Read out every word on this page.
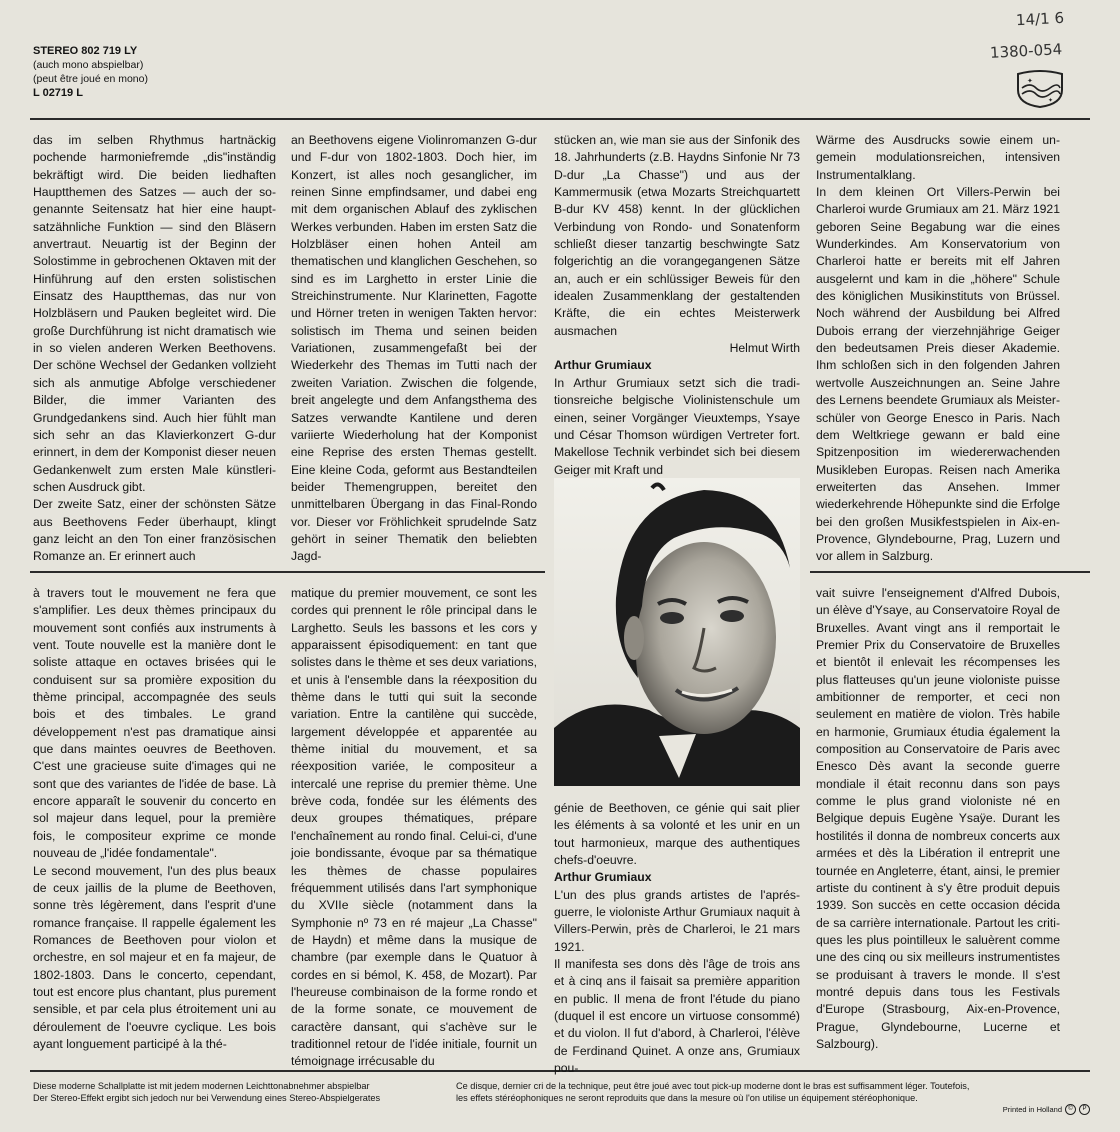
STEREO 802 719 LY
(auch mono abspielbar)
(peut être joué en mono)
L 02719 L
14/1 6
1380-054
✦
✦

das im selben Rhythmus hartnäckig pochende harmoniefremde „dis"inständig bekräftigt wird. Die beiden liedhaften Hauptthemen des Satzes — auch der sogenannte Seitensatz hat hier eine hauptsatzähnliche Funktion — sind den Bläsern anvertraut. Neuartig ist der Beginn der Solostimme in gebrochenen Oktaven mit der Hinführung auf den ersten solistischen Einsatz des Hauptthemas, das nur von Holzbläsern und Pauken begleitet wird. Die große Durchführung ist nicht dramatisch wie in so vielen anderen Werken Beethovens. Der schöne Wechsel der Gedanken vollzieht sich als anmutige Abfolge verschiedener Bilder, die immer Varianten des Grundgedankens sind. Auch hier fühlt man sich sehr an das Klavierkonzert G-dur erinnert, in dem der Komponist dieser neuen Gedankenwelt zum ersten Male künstlerischen Ausdruck gibt.

Der zweite Satz, einer der schönsten Sätze aus Beethovens Feder überhaupt, klingt ganz leicht an den Ton einer französischen Romanze an. Er erinnert auch

an Beethovens eigene Violinromanzen G-dur und F-dur von 1802-1803. Doch hier, im Konzert, ist alles noch gesanglicher, im reinen Sinne empfindsamer, und dabei eng mit dem organischen Ablauf des zyklischen Werkes verbunden. Haben im ersten Satz die Holzbläser einen hohen Anteil am thematischen und klanglichen Geschehen, so sind es im Larghetto in erster Linie die Streichinstrumente. Nur Klarinetten, Fagotte und Hörner treten in wenigen Takten hervor: solistisch im Thema und seinen beiden Variationen, zusammengefaßt bei der Wiederkehr des Themas im Tutti nach der zweiten Variation. Zwischen die folgende, breit angelegte und dem Anfangsthema des Satzes verwandte Kantilene und deren variierte Wiederholung hat der Komponist eine Reprise des ersten Themas gestellt. Eine kleine Coda, geformt aus Bestandteilen beider Themengruppen, bereitet den unmittelbaren Übergang in das Final-Rondo vor. Dieser vor Fröhlichkeit sprudelnde Satz gehört in seiner Thematik den beliebten Jagd-

stücken an, wie man sie aus der Sinfonik des 18. Jahrhunderts (z.B. Haydns Sinfonie Nr 73 D-dur „La Chasse") und aus der Kammermusik (etwa Mozarts Streichquartett B-dur KV 458) kennt. In der glücklichen Verbindung von Rondo- und Sonatenform schließt dieser tanzartig beschwingte Satz folgerichtig an die vorangegangenen Sätze an, auch er ein schlüssiger Beweis für den idealen Zusammenklang der gestaltenden Kräfte, die ein echtes Meisterwerk ausmachen

Helmut Wirth

Arthur Grumiaux

In Arthur Grumiaux setzt sich die traditionsreiche belgische Violinistenschule um einen, seiner Vorgänger Vieuxtemps, Ysaye und César Thomson würdigen Vertreter fort. Makellose Technik verbindet sich bei diesem Geiger mit Kraft und

Wärme des Ausdrucks sowie einem ungemein modulationsreichen, intensiven Instrumentalklang.

In dem kleinen Ort Villers-Perwin bei Charleroi wurde Grumiaux am 21. März 1921 geboren Seine Begabung war die eines Wunderkindes. Am Konservatorium von Charleroi hatte er bereits mit elf Jahren ausgelernt und kam in die „höhere" Schule des königlichen Musikinstituts von Brüssel. Noch während der Ausbildung bei Alfred Dubois errang der vierzehnjährige Geiger den bedeutsamen Preis dieser Akademie. Ihm schloßen sich in den folgenden Jahren wertvolle Auszeichnungen an. Seine Jahre des Lernens beendete Grumiaux als Meisterschüler von George Enesco in Paris. Nach dem Weltkriege gewann er bald eine Spitzenposition im wiedererwachenden Musikleben Europas. Reisen nach Amerika erweiterten das Ansehen. Immer wiederkehrende Höhepunkte sind die Erfolge bei den großen Musikfestspielen in Aix-en-Provence, Glyndebourne, Prag, Luzern und vor allem in Salzburg.

à travers tout le mouvement ne fera que s'amplifier. Les deux thèmes principaux du mouvement sont confiés aux instruments à vent. Toute nouvelle est la manière dont le soliste attaque en octaves brisées qui le conduisent sur sa promière exposition du thème principal, accompagnée des seuls bois et des timbales. Le grand développement n'est pas dramatique ainsi que dans maintes oeuvres de Beethoven. C'est une gracieuse suite d'images qui ne sont que des variantes de l'idée de base. Là encore apparaît le souvenir du concerto en sol majeur dans lequel, pour la première fois, le compositeur exprime ce monde nouveau de „l'idée fondamentale".

Le second mouvement, l'un des plus beaux de ceux jaillis de la plume de Beethoven, sonne très légèrement, dans l'esprit d'une romance française. Il rappelle également les Romances de Beethoven pour violon et orchestre, en sol majeur et en fa majeur, de 1802-1803. Dans le concerto, cependant, tout est encore plus chantant, plus purement sensible, et par cela plus étroitement uni au déroulement de l'oeuvre cyclique. Les bois ayant longuement participé à la thé-

matique du premier mouvement, ce sont les cordes qui prennent le rôle principal dans le Larghetto. Seuls les bassons et les cors y apparaissent épisodiquement: en tant que solistes dans le thème et ses deux variations, et unis à l'ensemble dans la réexposition du thème dans le tutti qui suit la seconde variation. Entre la cantilène qui succède, largement développée et apparentée au thème initial du mouvement, et sa réexposition variée, le compositeur a intercalé une reprise du premier thème. Une brève coda, fondée sur les éléments des deux groupes thématiques, prépare l'enchaînement au rondo final. Celui-ci, d'une joie bondissante, évoque par sa thématique les thèmes de chasse populaires fréquemment utilisés dans l'art symphonique du XVIIe siècle (notamment dans la Symphonie nº 73 en ré majeur „La Chasse" de Haydn) et même dans la musique de chambre (par exemple dans le Quatuor à cordes en si bémol, K. 458, de Mozart). Par l'heureuse combinaison de la forme rondo et de la forme sonate, ce mouvement de caractère dansant, qui s'achève sur le traditionnel retour de l'idée initiale, fournit un témoignage irrécusable du

génie de Beethoven, ce génie qui sait plier les éléments à sa volonté et les unir en un tout harmonieux, marque des authentiques chefs-d'oeuvre.

Arthur Grumiaux

L'un des plus grands artistes de l'aprésguerre, le violoniste Arthur Grumiaux naquit à Villers-Perwin, près de Charleroi, le 21 mars 1921.

Il manifesta ses dons dès l'âge de trois ans et à cinq ans il faisait sa première apparition en public. Il mena de front l'étude du piano (duquel il est encore un virtuose consommé) et du violon. Il fut d'abord, à Charleroi, l'élève de Ferdinand Quinet. A onze ans, Grumiaux pou-

vait suivre l'enseignement d'Alfred Dubois, un élève d'Ysaye, au Conservatoire Royal de Bruxelles. Avant vingt ans il remportait le Premier Prix du Conservatoire de Bruxelles et bientôt il enlevait les récompenses les plus flatteuses qu'un jeune violoniste puisse ambitionner de remporter, et ceci non seulement en matière de violon. Très habile en harmonie, Grumiaux étudia également la composition au Conservatoire de Paris avec Enesco Dès avant la seconde guerre mondiale il était reconnu dans son pays comme le plus grand violoniste né en Belgique depuis Eugène Ysaÿe. Durant les hostilités il donna de nombreux concerts aux armées et dès la Libération il entreprit une tournée en Angleterre, étant, ainsi, le premier artiste du continent à s'y être produit depuis 1939. Son succès en cette occasion décida de sa carrière internationale. Partout les critiques les plus pointilleux le saluèrent comme une des cinq ou six meilleurs instrumentistes se produisant à travers le monde. Il s'est montré depuis dans tous les Festivals d'Europe (Strasbourg, Aix-en-Provence, Prague, Glyndebourne, Lucerne et Salzbourg).

Diese moderne Schallplatte ist mit jedem modernen Leichttonabnehmer abspielbar
Der Stereo-Effekt ergibt sich jedoch nur bei Verwendung eines Stereo-Abspielgerates
Ce disque, dernier cri de la technique, peut être joué avec tout pick-up moderne dont le bras est suffisamment léger. Toutefois,
les effets stéréophoniques ne seront reproduits que dans la mesure où l'on utilise un équipement stéréophonique.
Printed in Holland	©	P
